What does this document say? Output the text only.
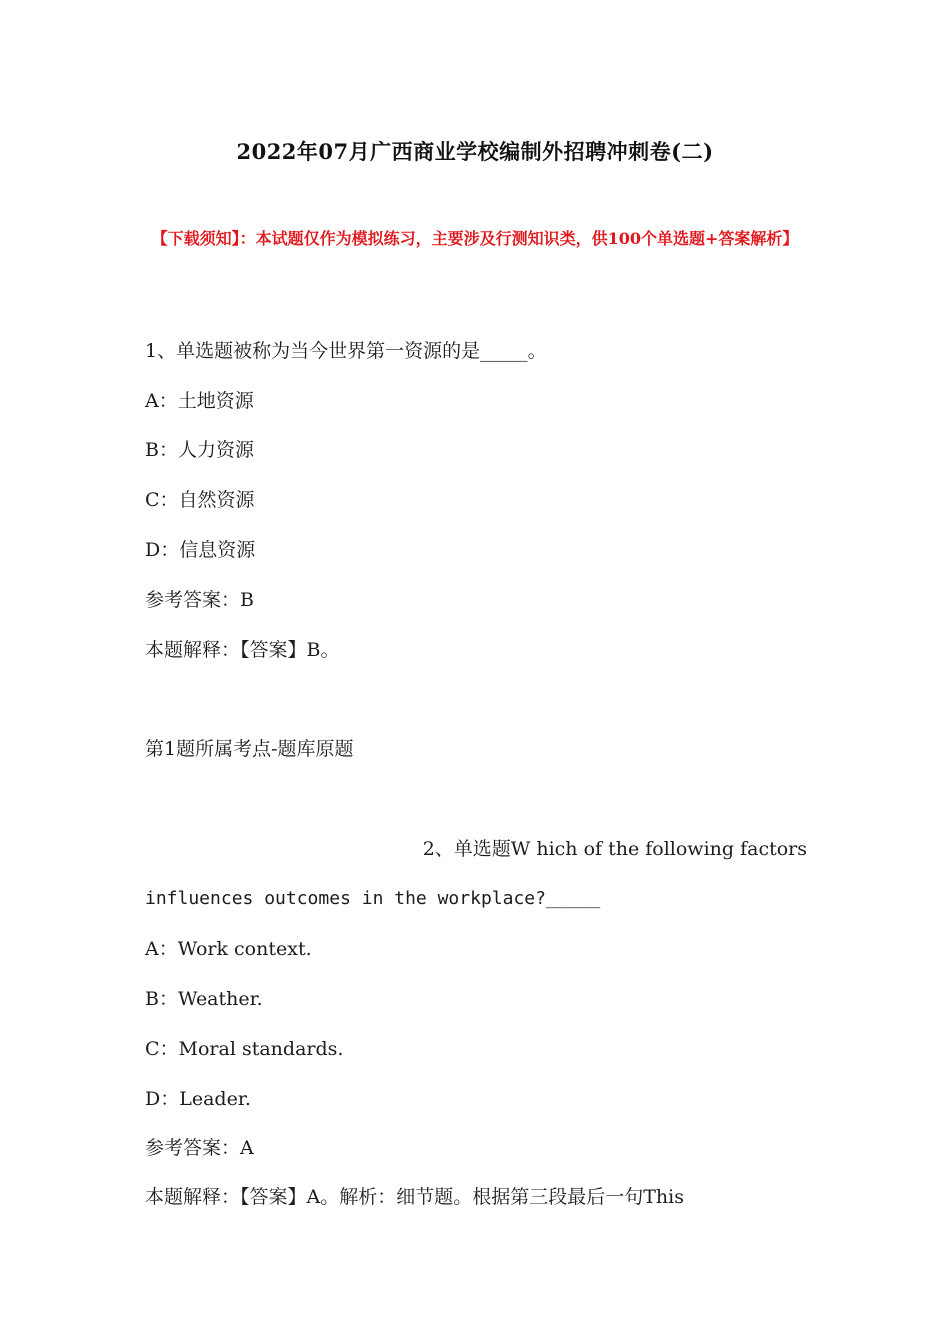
2022年07月广西商业学校编制外招聘冲刺卷(二)
【下载须知】：本试题仅作为模拟练习，主要涉及行测知识类，供100个单选题+答案解析】
1、单选题被称为当今世界第一资源的是_____。
A：土地资源
B：人力资源
C：自然资源
D：信息资源
参考答案：B
本题解释：【答案】B。
第1题所属考点-题库原题
2、单选题W hich of the following factors
influences outcomes in the workplace?_____
A：Work context.
B：Weather.
C：Moral standards.
D：Leader.
参考答案：A
本题解释：【答案】A。解析：细节题。根据第三段最后一句This
